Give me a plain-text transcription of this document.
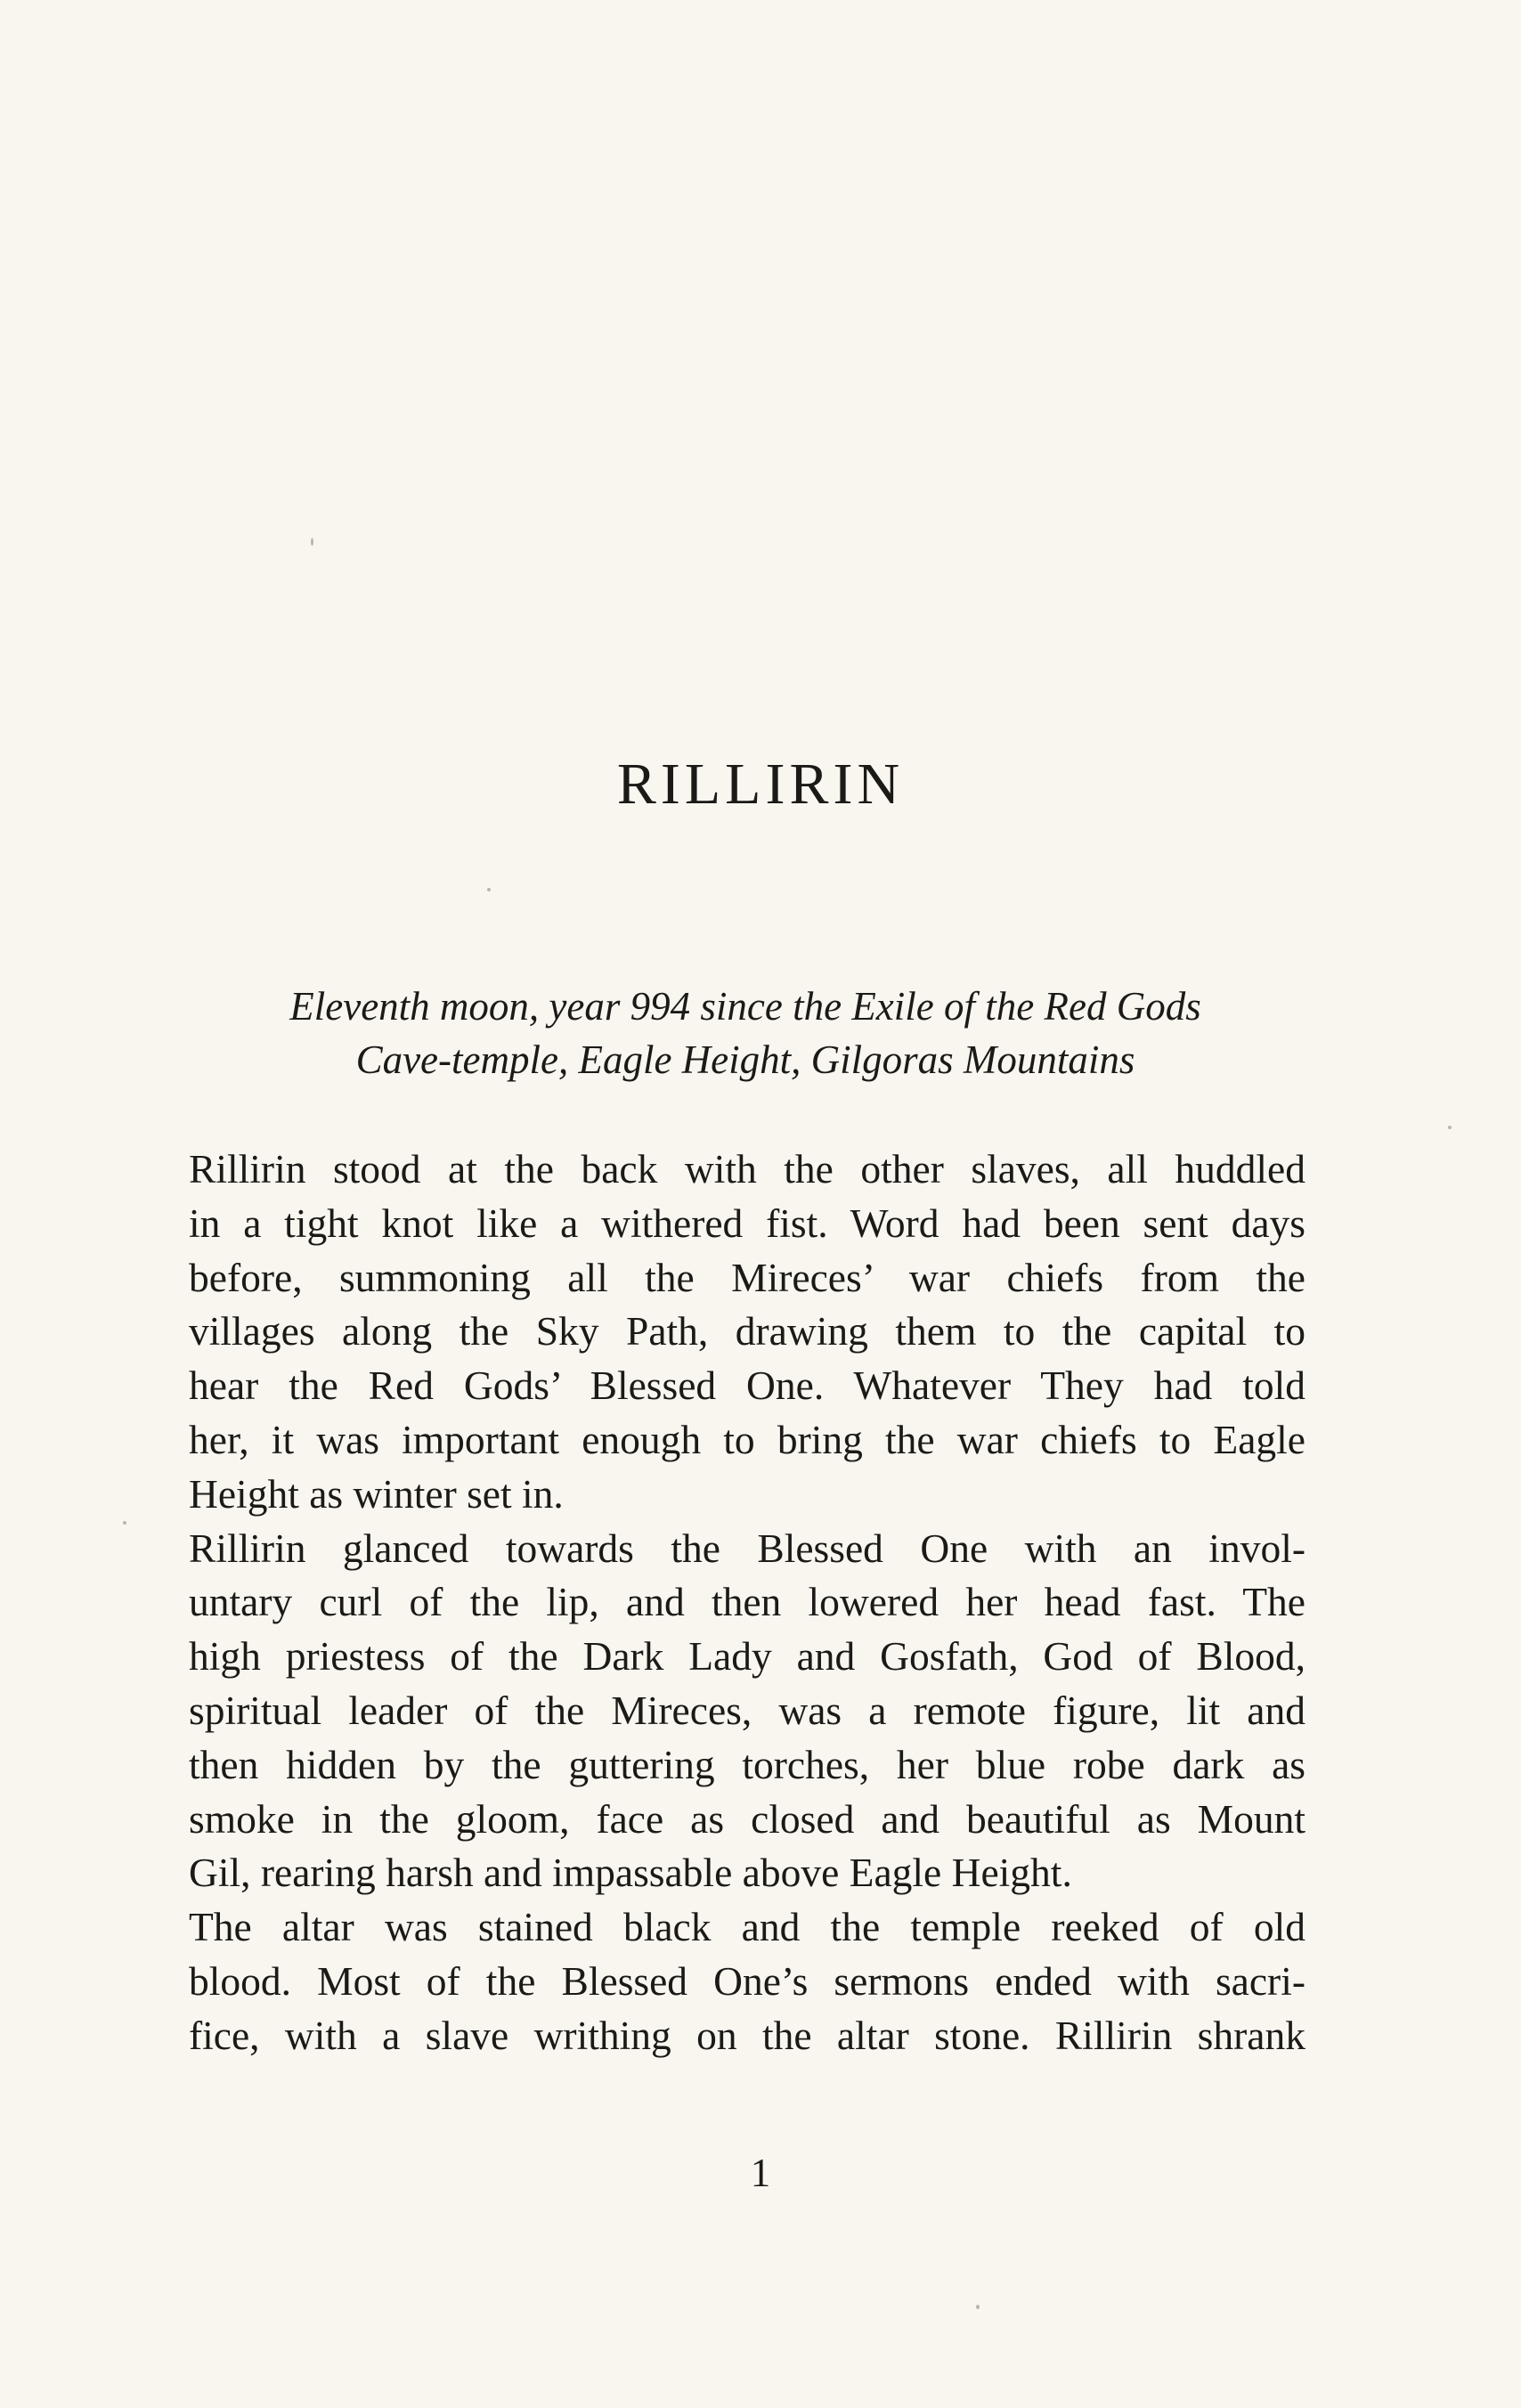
RILLIRIN
Eleventh moon, year 994 since the Exile of the Red Gods
Cave-temple, Eagle Height, Gilgoras Mountains
Rillirin stood at the back with the other slaves, all huddled
in a tight knot like a withered fist. Word had been sent days
before, summoning all the Mireces’ war chiefs from the
villages along the Sky Path, drawing them to the capital to
hear the Red Gods’ Blessed One. Whatever They had told
her, it was important enough to bring the war chiefs to Eagle
Height as winter set in.
Rillirin glanced towards the Blessed One with an invol-
untary curl of the lip, and then lowered her head fast. The
high priestess of the Dark Lady and Gosfath, God of Blood,
spiritual leader of the Mireces, was a remote figure, lit and
then hidden by the guttering torches, her blue robe dark as
smoke in the gloom, face as closed and beautiful as Mount
Gil, rearing harsh and impassable above Eagle Height.
The altar was stained black and the temple reeked of old
blood. Most of the Blessed One’s sermons ended with sacri-
fice, with a slave writhing on the altar stone. Rillirin shrank
1
